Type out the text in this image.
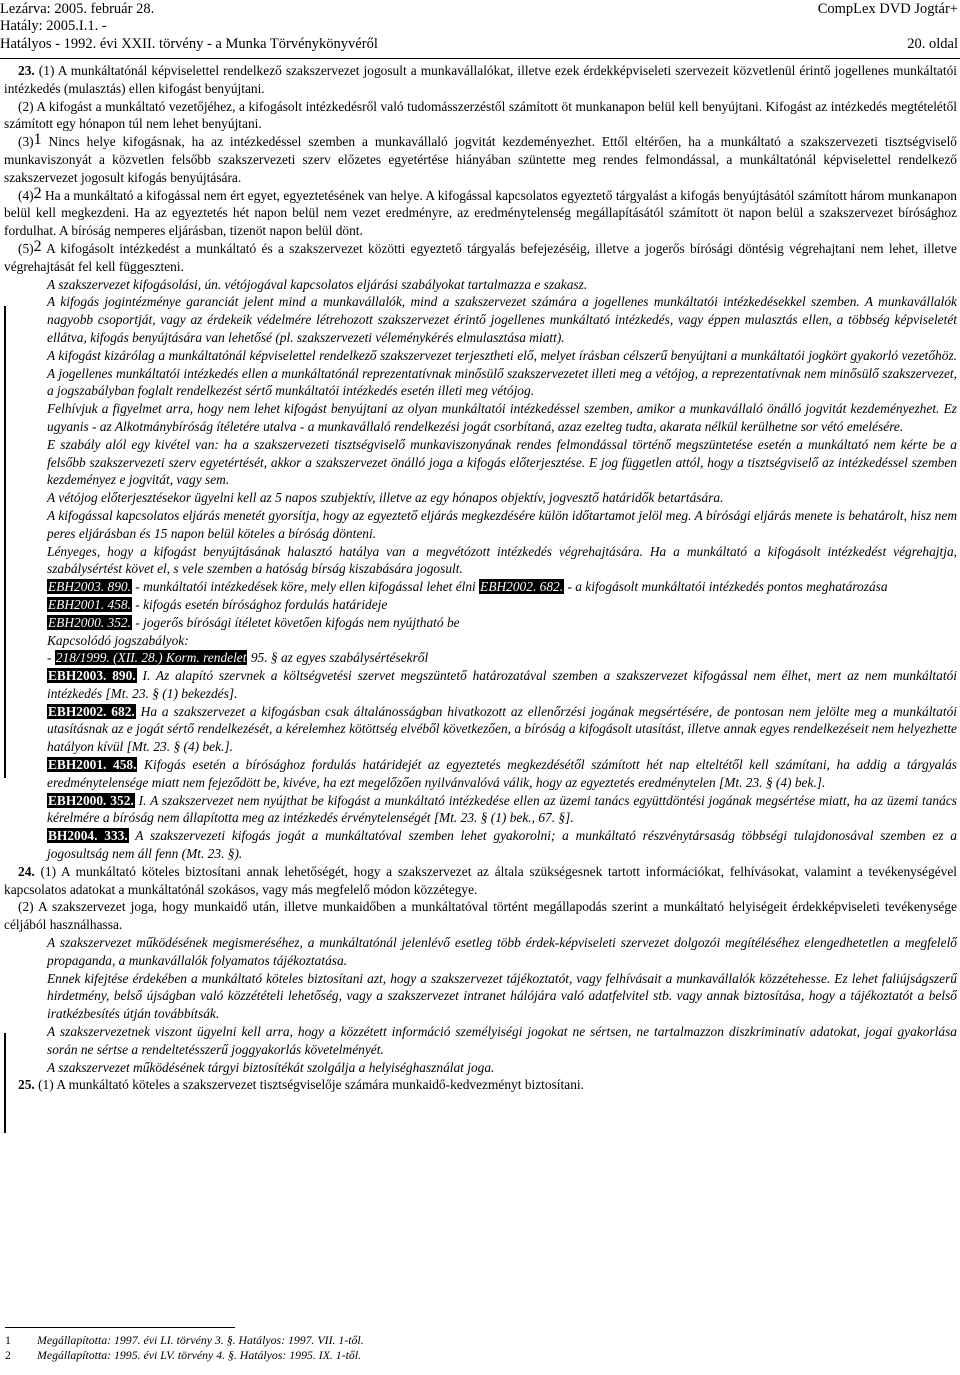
Lezárva: 2005. február 28.	CompLex DVD Jogtár+
Hatály: 2005.I.1. -
Hatályos - 1992. évi XXII. törvény - a Munka Törvénykönyvéről	20. oldal

23. (1) A munkáltatónál képviselettel rendelkező szakszervezet jogosult a munkavállalókat, illetve ezek érdekképviseleti szervezeit közvetlenül érintő jogellenes munkáltatói intézkedés (mulasztás) ellen kifogást benyújtani.

(2) A kifogást a munkáltató vezetőjéhez, a kifogásolt intézkedésről való tudomásszerzéstől számított öt munkanapon belül kell benyújtani. Kifogást az intézkedés megtételétől számított egy hónapon túl nem lehet benyújtani.

(3)$^1$ Nincs helye kifogásnak, ha az intézkedéssel szemben a munkavállaló jogvitát kezdeményezhet. Ettől eltérően, ha a munkáltató a szakszervezeti tisztségviselő munkaviszonyát a közvetlen felsőbb szakszervezeti szerv előzetes egyetértése hiányában szüntette meg rendes felmondással, a munkáltatónál képviselettel rendelkező szakszervezet jogosult kifogás benyújtására.

(4)$^2$ Ha a munkáltató a kifogással nem ért egyet, egyeztetésének van helye. A kifogással kapcsolatos egyeztető tárgyalást a kifogás benyújtásától számított három munkanapon belül kell megkezdeni. Ha az egyeztetés hét napon belül nem vezet eredményre, az eredménytelenség megállapításától számított öt napon belül a szakszervezet bírósághoz fordulhat. A bíróság nemperes eljárásban, tizenöt napon belül dönt.

(5)$^2$ A kifogásolt intézkedést a munkáltató és a szakszervezet közötti egyeztető tárgyalás befejezéséig, illetve a jogerős bírósági döntésig végrehajtani nem lehet, illetve végrehajtását fel kell függeszteni.

A szakszervezet kifogásolási, ún. vétójogával kapcsolatos eljárási szabályokat tartalmazza e szakasz.

A kifogás jogintézménye garanciát jelent mind a munkavállalók, mind a szakszervezet számára a jogellenes munkáltatói intézkedésekkel szemben. A munkavállalók nagyobb csoportját, vagy az érdekeik védelmére létrehozott szakszervezet érintő jogellenes munkáltató intézkedés, vagy éppen mulasztás ellen, a többség képviseletét ellátva, kifogás benyújtására van lehetősé (pl. szakszervezeti véleménykérés elmulasztása miatt).

A kifogást kizárólag a munkáltatónál képviselettel rendelkező szakszervezet terjesztheti elő, melyet írásban célszerű benyújtani a munkáltatói jogkört gyakorló vezetőhöz. A jogellenes munkáltatói intézkedés ellen a munkáltatónál reprezentatívnak minősülő szakszervezetet illeti meg a vétójog, a reprezentatívnak nem minősülő szakszervezet, a jogszabályban foglalt rendelkezést sértő munkáltatói intézkedés esetén illeti meg vétójog.

Felhívjuk a figyelmet arra, hogy nem lehet kifogást benyújtani az olyan munkáltatói intézkedéssel szemben, amikor a munkavállaló önálló jogvitát kezdeményezhet. Ez ugyanis - az Alkotmánybíróság ítéletére utalva - a munkavállaló rendelkezési jogát csorbítaná, azaz ezelteg tudta, akarata nélkül kerülhetne sor vétó emelésére.

E szabály alól egy kivétel van: ha a szakszervezeti tisztségviselő munkaviszonyának rendes felmondással történő megszüntetése esetén a munkáltató nem kérte be a felsőbb szakszervezeti szerv egyetértését, akkor a szakszervezet önálló joga a kifogás előterjesztése. E jog független attól, hogy a tisztségviselő az intézkedéssel szemben kezdeményez e jogvitát, vagy sem.

A vétójog előterjesztésekor ügyelni kell az 5 napos szubjektív, illetve az egy hónapos objektív, jogvesztő határidők betartására.

A kifogással kapcsolatos eljárás menetét gyorsítja, hogy az egyeztető eljárás megkezdésére külön időtartamot jelöl meg. A bírósági eljárás menete is behatárolt, hisz nem peres eljárásban és 15 napon belül köteles a bíróság dönteni.

Lényeges, hogy a kifogást benyújtásának halasztó hatálya van a megvétózott intézkedés végrehajtására. Ha a munkáltató a kifogásolt intézkedést végrehajtja, szabálysértést követ el, s vele szemben a hatóság bírság kiszabására jogosult.

EBH2003. 890. - munkáltatói intézkedések köre, mely ellen kifogással lehet élni EBH2002. 682. - a kifogásolt munkáltatói intézkedés pontos meghatározása

EBH2001. 458. - kifogás esetén bírósághoz fordulás határideje

EBH2000. 352. - jogerős bírósági ítéletet követően kifogás nem nyújtható be

Kapcsolódó jogszabályok:

- 218/1999. (XII. 28.) Korm. rendelet 95. § az egyes szabálysértésekről

EBH2003. 890. I. Az alapító szervnek a költségvetési szervet megszüntető határozatával szemben a szakszervezet kifogással nem élhet, mert az nem munkáltatói intézkedés [Mt. 23. § (1) bekezdés].

EBH2002. 682. Ha a szakszervezet a kifogásban csak általánosságban hivatkozott az ellenőrzési jogának megsértésére, de pontosan nem jelölte meg a munkáltatói utasításnak az e jogát sértő rendelkezését, a kérelemhez kötöttség elvéből következően, a bíróság a kifogásolt utasítást, illetve annak egyes rendelkezéseit nem helyezhette hatályon kívül [Mt. 23. § (4) bek.].

EBH2001. 458. Kifogás esetén a bírósághoz fordulás határidejét az egyeztetés megkezdésétől számított hét nap elteltétől kell számítani, ha addig a tárgyalás eredménytelensége miatt nem fejeződött be, kivéve, ha ezt megelőzően nyilvánvalóvá válik, hogy az egyeztetés eredménytelen [Mt. 23. § (4) bek.].

EBH2000. 352. I. A szakszervezet nem nyújthat be kifogást a munkáltató intézkedése ellen az üzemi tanács együttdöntési jogának megsértése miatt, ha az üzemi tanács kérelmére a bíróság nem állapította meg az intézkedés érvénytelenségét [Mt. 23. § (1) bek., 67. §].

BH2004. 333. A szakszervezeti kifogás jogát a munkáltatóval szemben lehet gyakorolni; a munkáltató részvénytársaság többségi tulajdonosával szemben ez a jogosultság nem áll fenn (Mt. 23. §).

24. (1) A munkáltató köteles biztosítani annak lehetőségét, hogy a szakszervezet az általa szükségesnek tartott információkat, felhívásokat, valamint a tevékenységével kapcsolatos adatokat a munkáltatónál szokásos, vagy más megfelelő módon közzétegye.

(2) A szakszervezet joga, hogy munkaidő után, illetve munkaidőben a munkáltatóval történt megállapodás szerint a munkáltató helyiségeit érdekképviseleti tevékenysége céljából használhassa.

A szakszervezet működésének megismeréséhez, a munkáltatónál jelenlévő esetleg több érdek-képviseleti szervezet dolgozói megítéléséhez elengedhetetlen a megfelelő propaganda, a munkavállalók folyamatos tájékoztatása.

Ennek kifejtése érdekében a munkáltató köteles biztosítani azt, hogy a szakszervezet tájékoztatót, vagy felhívásait a munkavállalók közzétehesse. Ez lehet faliújságszerű hirdetmény, belső újságban való közzétételi lehetőség, vagy a szakszervezet intranet hálójára való adatfelvitel stb. vagy annak biztosítása, hogy a tájékoztatót a belső iratkézbesítés útján továbbítsák.

A szakszervezetnek viszont ügyelni kell arra, hogy a közzétett információ személyiségi jogokat ne sértsen, ne tartalmazzon diszkriminatív adatokat, jogai gyakorlása során ne sértse a rendeltetésszerű joggyakorlás követelményét.

A szakszervezet működésének tárgyi biztosítékát szolgálja a helyiséghasználat joga.

25. (1) A munkáltató köteles a szakszervezet tisztségviselője számára munkaidő-kedvezményt biztosítani.

1 Megállapította: 1997. évi LI. törvény 3. §. Hatályos: 1997. VII. 1-től.
2 Megállapította: 1995. évi LV. törvény 4. §. Hatályos: 1995. IX. 1-től.
